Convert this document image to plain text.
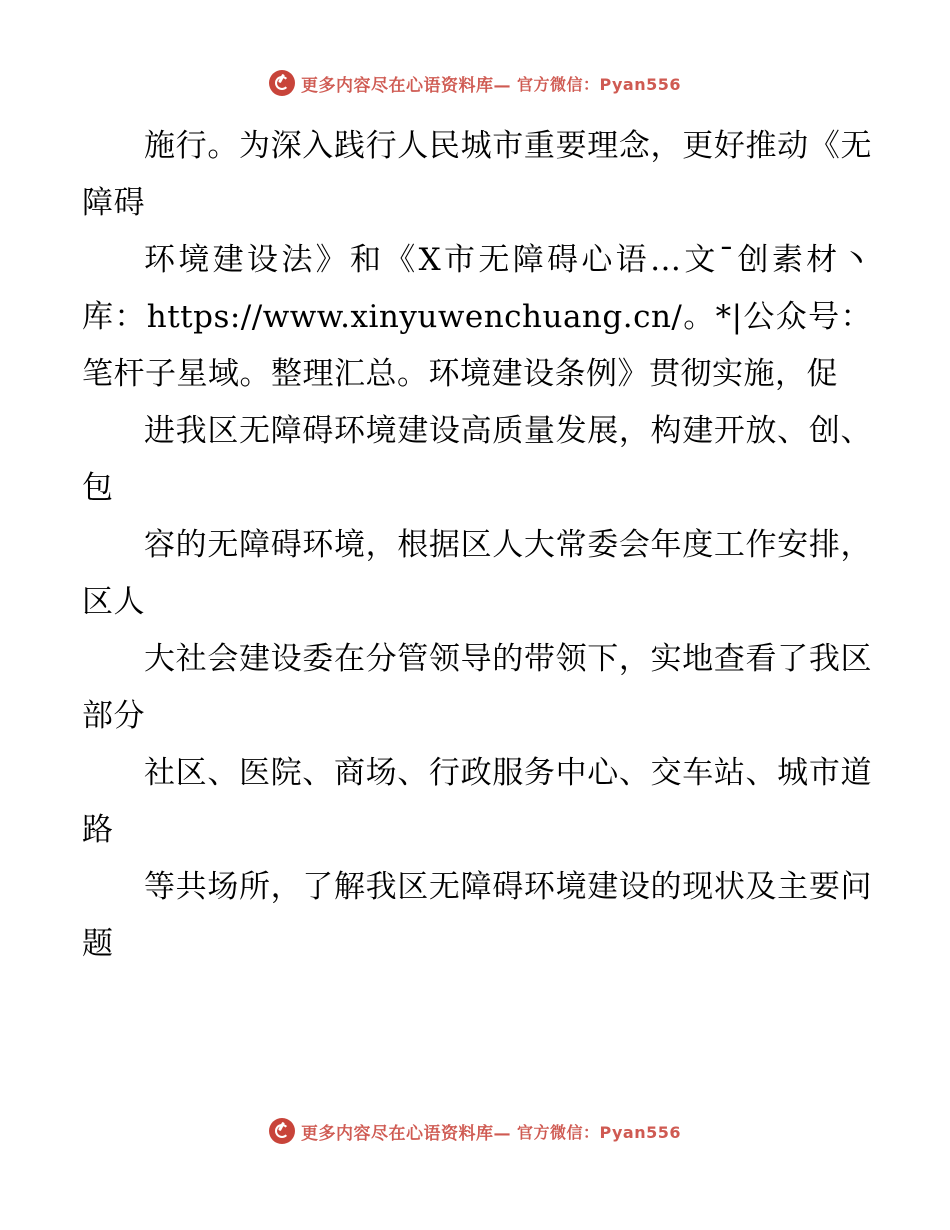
更多内容尽在心语资料库— 官方微信：Pyan556

施行。为深入践行人民城市重要理念，更好推动《无障碍

环境建设法》和《X市无障碍心语…文¯创素材丶库：https://www.xinyuwenchuang.cn/。*|公众号：笔杆子星域。整理汇总。环境建设条例》贯彻实施，促

进我区无障碍环境建设高质量发展，构建开放、创、包

容的无障碍环境，根据区人大常委会年度工作安排，区人

大社会建设委在分管领导的带领下，实地查看了我区部分

社区、医院、商场、行政服务中心、交车站、城市道路

等共场所，了解我区无障碍环境建设的现状及主要问题

更多内容尽在心语资料库— 官方微信：Pyan556
